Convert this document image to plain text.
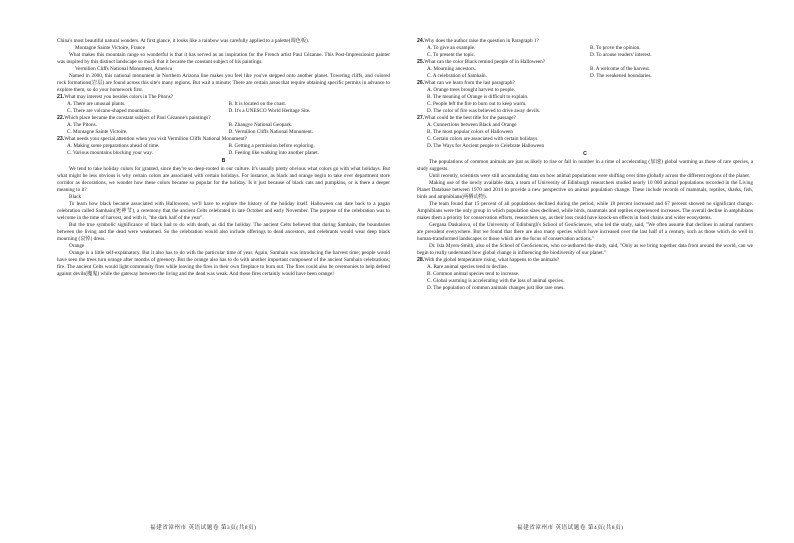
China's most beautiful natural wonders. At first glance, it looks like a rainbow was carefully applied to a palette(调色板).

Montagne Sainte Victoire, France

What makes this mountain range so wonderful is that it has served as an inspiration for the French artist Paul Cézanne. This Post-Impressionist painter was inspired by this distinct landscape so much that it became the constant subject of his paintings.

Vermilion Cliffs National Monument, America

Named in 2000, this national monument in Northern Arizona line makes you feel like you've stepped onto another planet. Towering cliffs, and colored rock formations(岩层) are found across this site's many regions. But wait a minute; There are certain areas that require obtaining specific permits in advance to explore them, so do your homework first.

21.What may interest you besides colors in The Pitons?

A. There are unusual plants.	B. It is located on the coast.
C. There are volcano-shaped mountains.	D. It's a UNESCO World Heritage Site.

22.Which place became the constant subject of Paul Cézanne's paintings?

A. The Pitons.	B. Zhangye National Geopark.
C. Montagne Sainte Victoire.	D. Vermilion Cliffs National Monument.

23.What needs your special attention when you visit Vermilion Cliffs National Monument?

A. Making some preparations ahead of time.	B. Getting a permission before exploring.
C. Various mountains blocking your way.	D. Feeling like walking into another planet.

B

We tend to take holiday colors for granted, since they're so deep-rooted in our culture. It's usually pretty obvious what colors go with what holidays. But what might be less obvious is why certain colors are associated with certain holidays. For instance, as black and orange begin to take over department store corridor as decorations, we wonder how these colors became so popular for the holiday. Is it just because of black cats and pumpkins, or is there a deeper meaning to it?

Black

To learn how black became associated with Halloween, we'll have to explore the history of the holiday itself. Halloween can date back to a pagan celebration called Samhain(死神节), a ceremony that the ancient Celts celebrated in late October and early November. The purpose of the celebration was to welcome in the time of harvest, and with it, "the dark half of the year".

But the true symbolic significance of black had to do with death, as did the holiday. The ancient Celts believed that during Samhain, the boundaries between the living and the dead were weakened. So the celebration would also include offerings to dead ancestors, and celebrants would wear deep black mourning (哀悼) dress.

Orange

Orange is a little self-explanatory. But it also has to do with the particular time of year. Again, Samhain was introducing the harvest time; people would have seen the trees turn orange after months of greenery. But the orange also has to do with another important component of the ancient Samhain celebrations; fire. The ancient Celts would light community fires while leaving the fires in their own fireplace to burn out. The fires could also be ceremonies to help defend against devils(魔鬼) while the gateway between the living and the dead was weak. And those fires certainly would have been orange!

福建省漳州市 英语试题卷 第3页(共8页)

24.Why does the author raise the question in Paragraph 1?

A. To give an example.	B. To prove the opinion.
C. To present the topic.	D. To arouse readers' interest.

25.What can the color Black remind people of in Halloween?

A. Mourning ancestors.	B. A welcome of the harvest.
C. A celebration of Samhain.	D. The weakened boundaries.

26.What can we learn from the last paragraph?

A. Orange trees brought harvest to people.

B. The meaning of Orange is difficult to explain.

C. People left the fire to burn out to keep warm.

D. The color of fire was believed to drive away devils.

27.What could be the best title for the passage?

A. Connections between Black and Orange

B. The most popular colors of Halloween

C. Certain colors are associated with certain holidays

D. The Ways for Ancient people to Celebrate Halloween

C

The populations of common animals are just as likely to rise or fall in number in a time of accelerating (加速) global warming as those of rare species, a study suggests.

Until recently, scientists were still accumulating data on how animal populations were shifting over time globally across the different regions of the planet.

Making use of the newly available data, a team of University of Edinburgh researchers studied nearly 10 000 animal populations recorded in the Living Planet Database between 1970 and 2014 to provide a new perspective on animal population change. These include records of mammals, reptiles, sharks, fish, birds and amphibians(两栖动物).

The team found that 15 percent of all populations declined during the period, while 18 percent increased and 67 percent showed no significant change. Amphibians were the only group in which population sizes declined, while birds, mammals and reptiles experienced increases. The overall decline in amphibians makes them a priority for conservation efforts, researchers say, as their loss could have knock-on effects in food chains and wider ecosystems.

Gergana Daskalova, of the University of Edinburgh's School of GeoSciences, who led the study, said, "We often assume that declines in animal numbers are prevalent everywhere. But we found that there are also many species which have increased over the last half of a century, such as those which do well in human-transformed landscapes or those which are the focus of conservation actions."

Dr. Isla Myers-Smith, also of the School of GeoSciences, who co-authored the study, said, "Only as we bring together data from around the world, can we begin to really understand how global change is influencing the biodiversity of our planet."

28.With the global temperature rising, what happens to the animals?

A. Rare animal species tend to decline.

B. Common animal species tend to increase.

C. Global warming is accelerating with the loss of animal species.

D. The population of common animals changes just like rare ones.

福建省漳州市 英语试题卷 第4页(共8页)
